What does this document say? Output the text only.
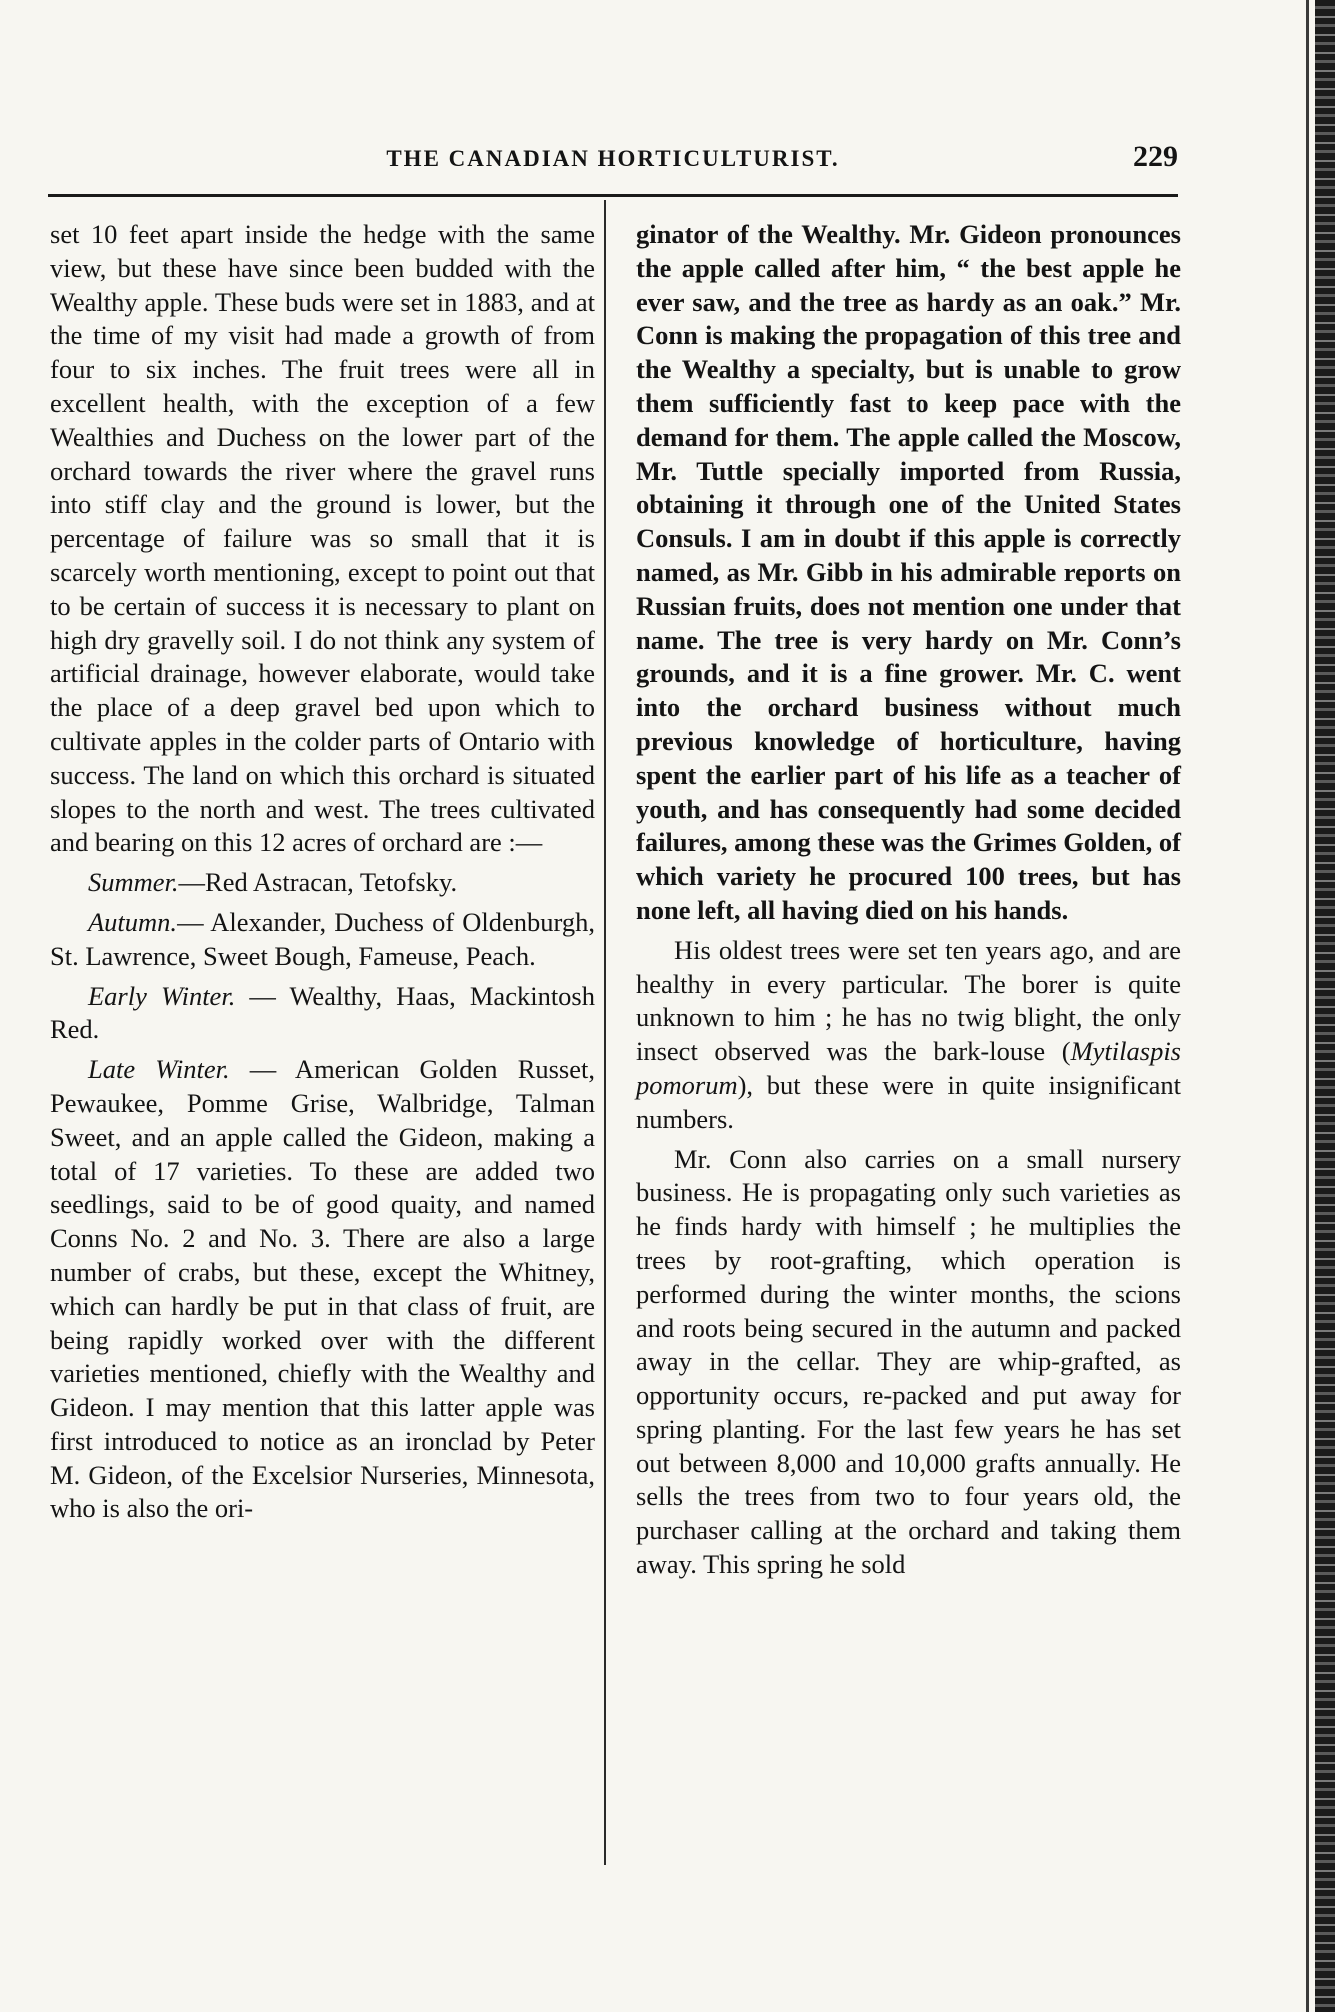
THE CANADIAN HORTICULTURIST.	229

set 10 feet apart inside the hedge with the same view, but these have since been budded with the Wealthy apple. These buds were set in 1883, and at the time of my visit had made a growth of from four to six inches. The fruit trees were all in excellent health, with the exception of a few Wealthies and Duchess on the lower part of the orchard towards the river where the gravel runs into stiff clay and the ground is lower, but the percentage of failure was so small that it is scarcely worth mentioning, except to point out that to be certain of success it is necessary to plant on high dry gravelly soil. I do not think any system of artificial drainage, however elaborate, would take the place of a deep gravel bed upon which to cultivate apples in the colder parts of Ontario with success. The land on which this orchard is situated slopes to the north and west. The trees cultivated and bearing on this 12 acres of orchard are :—

Summer.—Red Astracan, Tetofsky.

Autumn.— Alexander, Duchess of Oldenburgh, St. Lawrence, Sweet Bough, Fameuse, Peach.

Early Winter. — Wealthy, Haas, Mackintosh Red.

Late Winter. — American Golden Russet, Pewaukee, Pomme Grise, Walbridge, Talman Sweet, and an apple called the Gideon, making a total of 17 varieties. To these are added two seedlings, said to be of good quaity, and named Conns No. 2 and No. 3. There are also a large number of crabs, but these, except the Whitney, which can hardly be put in that class of fruit, are being rapidly worked over with the different varieties mentioned, chiefly with the Wealthy and Gideon. I may mention that this latter apple was first introduced to notice as an ironclad by Peter M. Gideon, of the Excelsior Nurseries, Minnesota, who is also the ori-

ginator of the Wealthy. Mr. Gideon pronounces the apple called after him, “ the best apple he ever saw, and the tree as hardy as an oak.” Mr. Conn is making the propagation of this tree and the Wealthy a specialty, but is unable to grow them sufficiently fast to keep pace with the demand for them. The apple called the Moscow, Mr. Tuttle specially imported from Russia, obtaining it through one of the United States Consuls. I am in doubt if this apple is correctly named, as Mr. Gibb in his admirable reports on Russian fruits, does not mention one under that name. The tree is very hardy on Mr. Conn’s grounds, and it is a fine grower. Mr. C. went into the orchard business without much previous knowledge of horticulture, having spent the earlier part of his life as a teacher of youth, and has consequently had some decided failures, among these was the Grimes Golden, of which variety he procured 100 trees, but has none left, all having died on his hands.

His oldest trees were set ten years ago, and are healthy in every particular. The borer is quite unknown to him ; he has no twig blight, the only insect observed was the bark-louse (Mytilaspis pomorum), but these were in quite insignificant numbers.

Mr. Conn also carries on a small nursery business. He is propagating only such varieties as he finds hardy with himself ; he multiplies the trees by root-grafting, which operation is performed during the winter months, the scions and roots being secured in the autumn and packed away in the cellar. They are whip-grafted, as opportunity occurs, re-packed and put away for spring planting. For the last few years he has set out between 8,000 and 10,000 grafts annually. He sells the trees from two to four years old, the purchaser calling at the orchard and taking them away. This spring he sold
